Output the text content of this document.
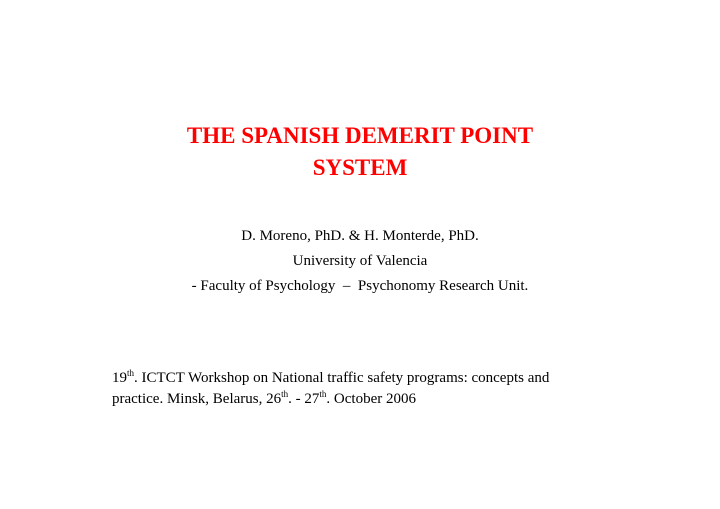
THE SPANISH DEMERIT POINT
SYSTEM
D. Moreno, PhD. & H. Monterde, PhD.
University of Valencia
- Faculty of Psychology  –  Psychonomy Research Unit.
19th. ICTCT Workshop on National traffic safety programs: concepts and
practice. Minsk, Belarus, 26th. - 27th. October 2006
